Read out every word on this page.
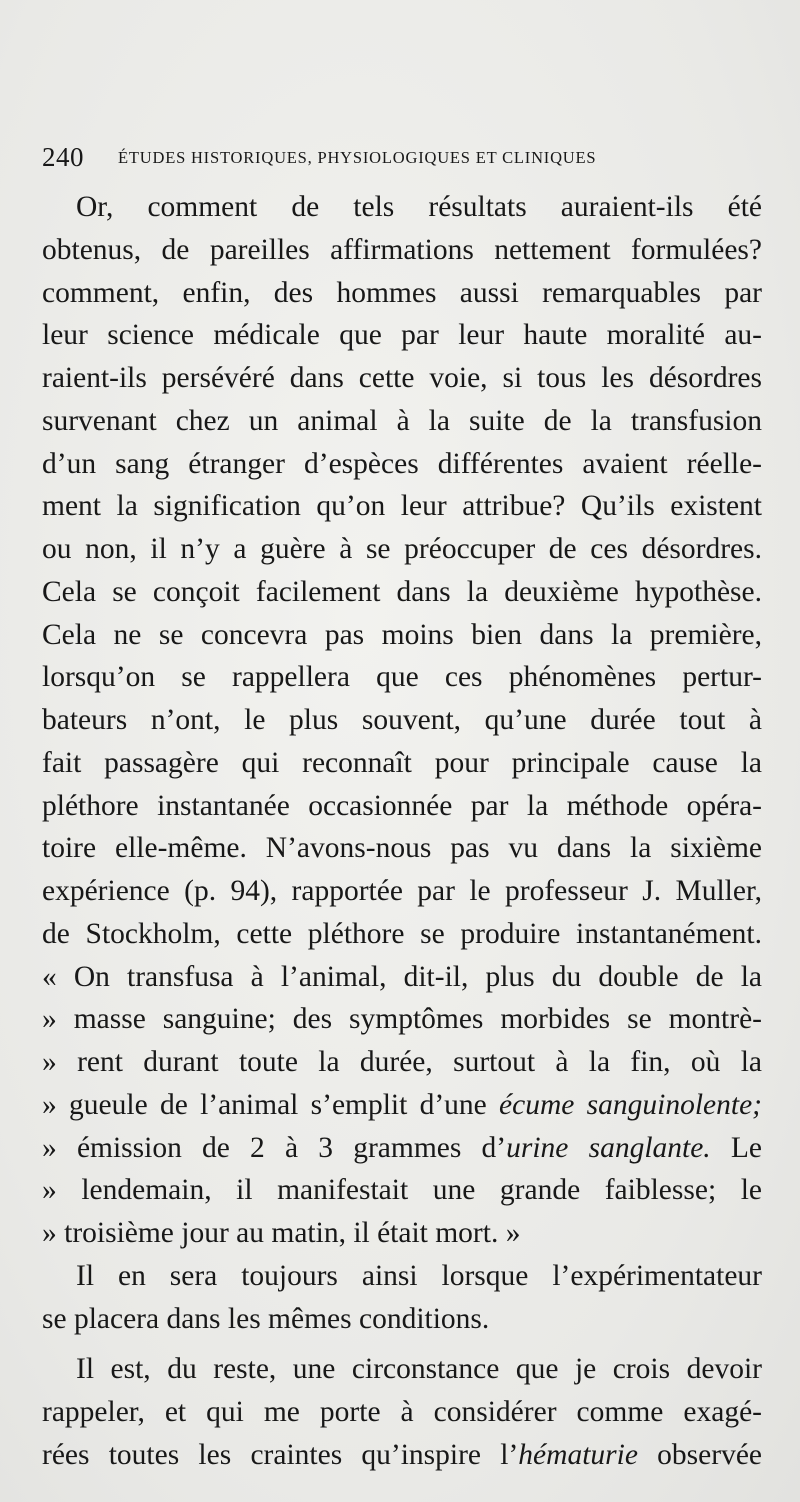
240 ÉTUDES HISTORIQUES, PHYSIOLOGIQUES ET CLINIQUES
Or, comment de tels résultats auraient-ils été
obtenus, de pareilles affirmations nettement formulées?
comment, enfin, des hommes aussi remarquables par
leur science médicale que par leur haute moralité au-
raient-ils persévéré dans cette voie, si tous les désordres
survenant chez un animal à la suite de la transfusion
d’un sang étranger d’espèces différentes avaient réelle-
ment la signification qu’on leur attribue? Qu’ils existent
ou non, il n’y a guère à se préoccuper de ces désordres.
Cela se conçoit facilement dans la deuxième hypothèse.
Cela ne se concevra pas moins bien dans la première,
lorsqu’on se rappellera que ces phénomènes pertur-
bateurs n’ont, le plus souvent, qu’une durée tout à
fait passagère qui reconnaît pour principale cause la
pléthore instantanée occasionnée par la méthode opéra-
toire elle-même. N’avons-nous pas vu dans la sixième
expérience (p. 94), rapportée par le professeur J. Muller,
de Stockholm, cette pléthore se produire instantanément.
« On transfusa à l’animal, dit-il, plus du double de la
» masse sanguine; des symptômes morbides se montrè-
» rent durant toute la durée, surtout à la fin, où la
» gueule de l’animal s’emplit d’une écume sanguinolente;
» émission de 2 à 3 grammes d’urine sanglante. Le
» lendemain, il manifestait une grande faiblesse; le
» troisième jour au matin, il était mort. »
Il en sera toujours ainsi lorsque l’expérimentateur
se placera dans les mêmes conditions.
Il est, du reste, une circonstance que je crois devoir
rappeler, et qui me porte à considérer comme exagé-
rées toutes les craintes qu’inspire l’hématurie observée
